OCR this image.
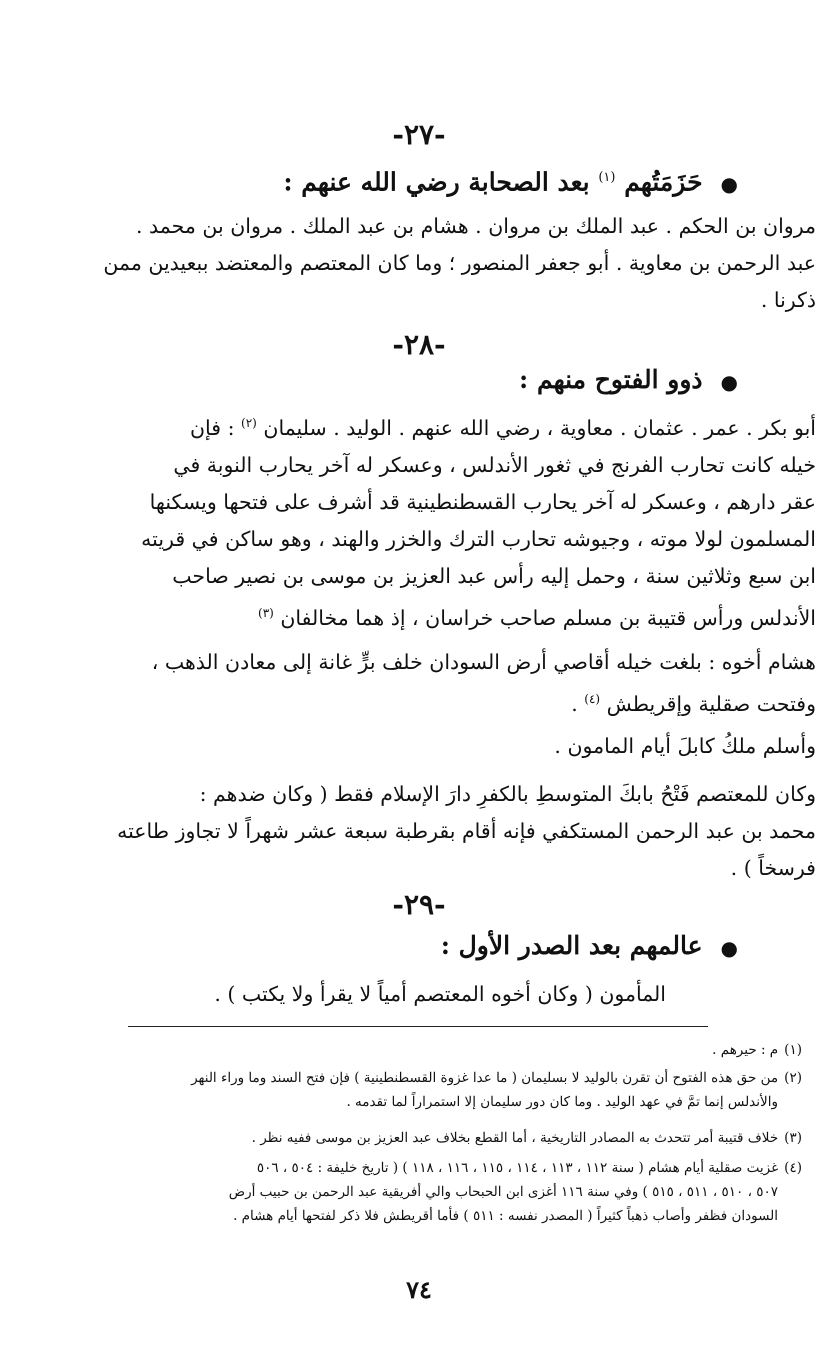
-٢٧-
●حَزَمَتُهم $^{(١)}$ بعد الصحابة رضي الله عنهم :
مروان بن الحكم . عبد الملك بن مروان . هشام بن عبد الملك . مروان بن محمد .
عبد الرحمن بن معاوية . أبو جعفر المنصور ؛ وما كان المعتصم والمعتضد ببعيدين ممن
ذكرنا .
-٢٨-
●ذوو الفتوح منهم :
أبو بكر . عمر . عثمان . معاوية ، رضي الله عنهم . الوليد . سليمان $^{(٢)}$ : فإن
خيله كانت تحارب الفرنج في ثغور الأندلس ، وعسكر له آخر يحارب النوبة في
عقر دارهم ، وعسكر له آخر يحارب القسطنطينية قد أشرف على فتحها ويسكنها
المسلمون لولا موته ، وجيوشه تحارب الترك والخزر والهند ، وهو ساكن في قريته
ابن سبع وثلاثين سنة ، وحمل إليه رأس عبد العزيز بن موسى بن نصير صاحب
الأندلس ورأس قتيبة بن مسلم صاحب خراسان ، إذ هما مخالفان $^{(٣)}$
هشام أخوه : بلغت خيله أقاصي أرض السودان خلف برٍّ غانة إلى معادن الذهب ،
وفتحت صقلية وإقريطش $^{(٤)}$ .
وأسلم ملكُ كابلَ أيام المامون .
وكان للمعتصم فَتْحُ بابكَ المتوسطِ بالكفرِ دارَ الإسلام فقط ( وكان ضدهم :
محمد بن عبد الرحمن المستكفي فإنه أقام بقرطبة سبعة عشر شهراً لا تجاوز طاعته
فرسخاً ) .
-٢٩-
●عالمهم بعد الصدر الأول :
المأمون ( وكان أخوه المعتصم أمياً لا يقرأ ولا يكتب ) .
(١)م : حيرهم .
(٢)من حق هذه الفتوح أن تقرن بالوليد لا بسليمان ( ما عدا غزوة القسطنطينية ) فإن فتح السند وما وراء النهر
والأندلس إنما تمَّ في عهد الوليد . وما كان دور سليمان إلا استمراراً لما تقدمه .
(٣)خلاف قتيبة أمر تتحدث به المصادر التاريخية ، أما القطع بخلاف عبد العزيز بن موسى ففيه نظر .
(٤)غزيت صقلية أيام هشام ( سنة ١١٢ ، ١١٣ ، ١١٤ ، ١١٥ ، ١١٦ ، ١١٨ ) ( تاريخ خليفة : ٥٠٤ ، ٥٠٦
٥٠٧ ، ٥١٠ ، ٥١١ ، ٥١٥ ) وفي سنة ١١٦ أغزى ابن الحبحاب والي أفريقية عبد الرحمن بن حبيب أرض
السودان فظفر وأصاب ذهباً كثيراً ( المصدر نفسه : ٥١١ ) فأما أقريطش فلا ذكر لفتحها أيام هشام .
٧٤
